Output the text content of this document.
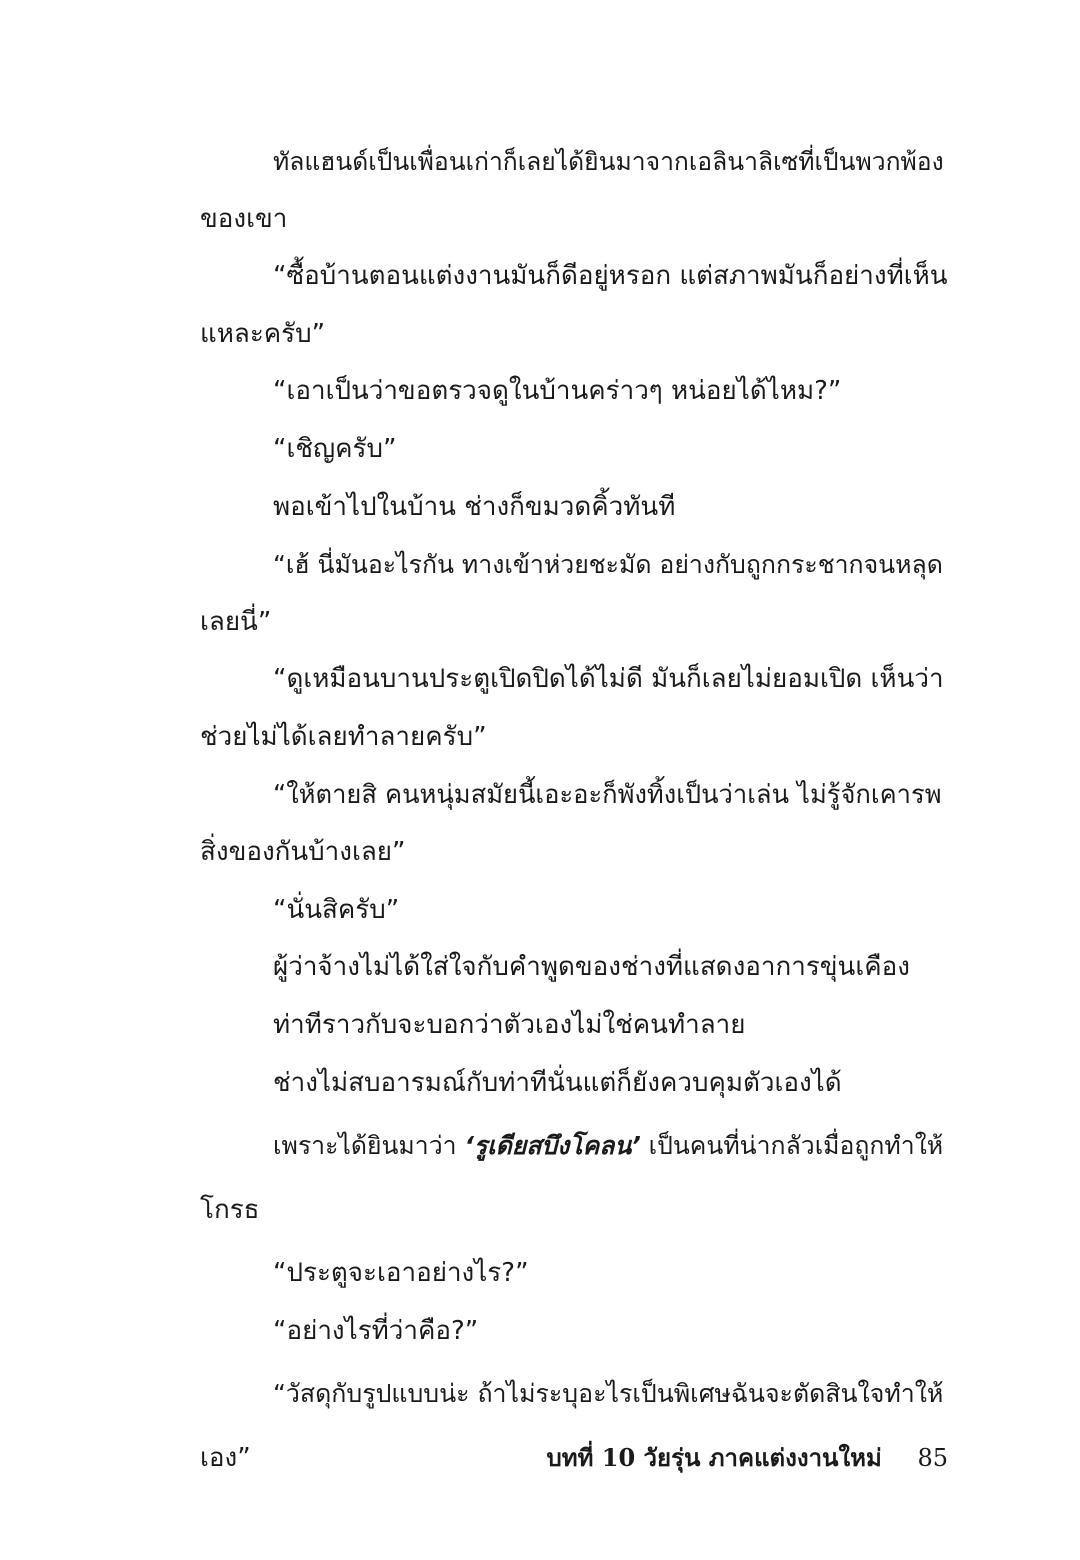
ทัลแฮนด์เป็นเพื่อนเก่าก็เลยได้ยินมาจากเอลินาลิเซที่เป็นพวกพ้อง
ของเขา
“ซื้อบ้านตอนแต่งงานมันก็ดีอยู่หรอก แต่สภาพมันก็อย่างที่เห็น
แหละครับ”
“เอาเป็นว่าขอตรวจดูในบ้านคร่าวๆ หน่อยได้ไหม?”
“เชิญครับ”
พอเข้าไปในบ้าน ช่างก็ขมวดคิ้วทันที
“เฮ้ นี่มันอะไรกัน ทางเข้าห่วยชะมัด อย่างกับถูกกระชากจนหลุด
เลยนี่”
“ดูเหมือนบานประตูเปิดปิดได้ไม่ดี มันก็เลยไม่ยอมเปิด เห็นว่า
ช่วยไม่ได้เลยทำลายครับ”
“ให้ตายสิ คนหนุ่มสมัยนี้เอะอะก็พังทิ้งเป็นว่าเล่น ไม่รู้จักเคารพ
สิ่งของกันบ้างเลย”
“นั่นสิครับ”
ผู้ว่าจ้างไม่ได้ใส่ใจกับคำพูดของช่างที่แสดงอาการขุ่นเคือง
ท่าทีราวกับจะบอกว่าตัวเองไม่ใช่คนทำลาย
ช่างไม่สบอารมณ์กับท่าทีนั่นแต่ก็ยังควบคุมตัวเองได้
เพราะได้ยินมาว่า ‘รูเดียสบึงโคลน’ เป็นคนที่น่ากลัวเมื่อถูกทำให้
โกรธ
“ประตูจะเอาอย่างไร?”
“อย่างไรที่ว่าคือ?”
“วัสดุกับรูปแบบน่ะ ถ้าไม่ระบุอะไรเป็นพิเศษฉันจะตัดสินใจทำให้
เอง”	บทที่ 10 วัยรุ่น ภาคแต่งงานใหม่ 85
